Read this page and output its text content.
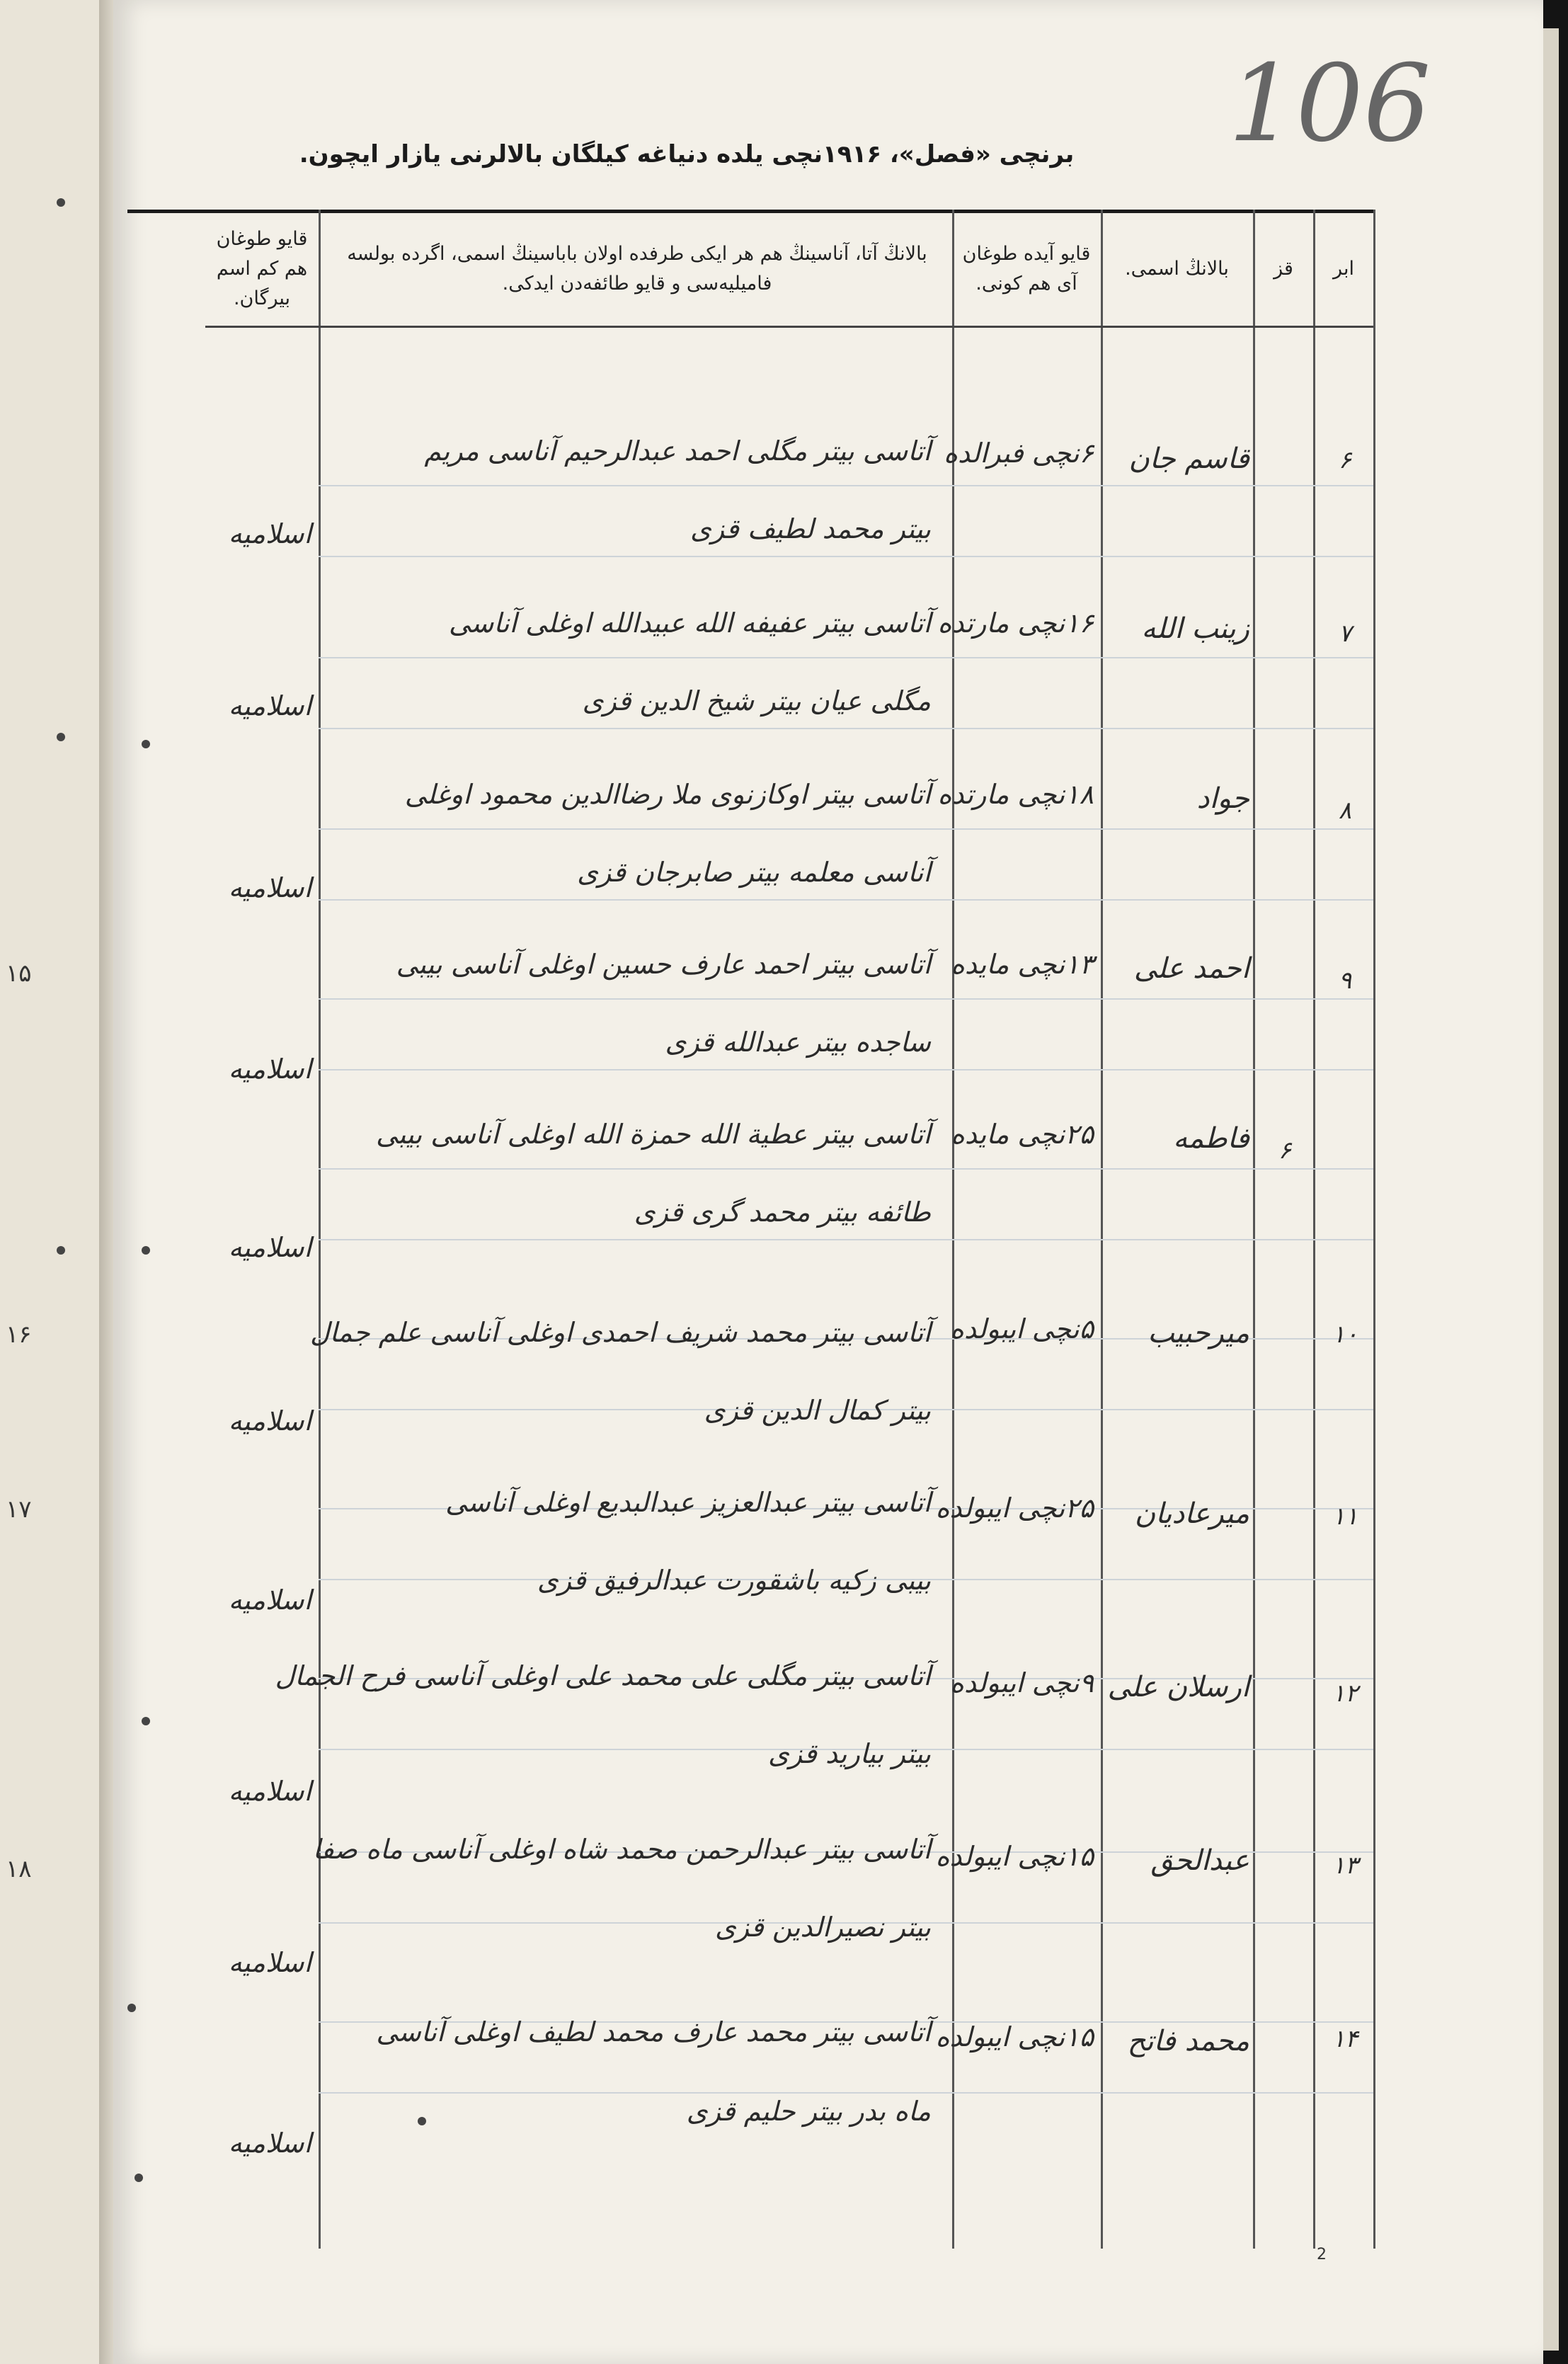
۱۵
۱۶
۱۷
۱۸
106
برنچی «فصل»، ۱۹۱۶نچی یلده دنیاغه کیلگان بالالرنی یازار ایچون.
ابر
قز
بالانڭ اسمی.
قایو آیده طوغان آی هم کونی.
بالانڭ آتا، آناسینڭ هم هر ایکی طرفده اولان باباسینڭ اسمی، اگرده بولسه فامیلیه‌سی و قایو طائفه‌دن ایدکی.
قایو طوغان هم کم اسم بیرگان.
۶
قاسم جان
۶نچی فبرالده
آتاسی بیتر مگلی احمد عبدالرحیم آناسی مریم
بیتر محمد لطیف قزی
اسلامیه
۷
زینب الله
۱۶نچی مارتده
آتاسی بیتر عفیفه الله عبیدالله اوغلی آناسی
مگلی عیان بیتر شیخ الدین قزی
اسلامیه
۸
جواد
۱۸نچی مارتده
آتاسی بیتر اوکازنوی ملا رضاالدین محمود اوغلی
آناسی معلمه بیتر صابرجان قزی
اسلامیه
۹
احمد علی
۱۳نچی مایده
آتاسی بیتر احمد عارف حسین اوغلی آناسی بیبی
ساجده بیتر عبدالله قزی
اسلامیه
۶
فاطمه
۲۵نچی مایده
آتاسی بیتر عطیة الله حمزة الله اوغلی آناسی بیبی
طائفه بیتر محمد گری قزی
اسلامیه
۱۰
میرحبیب
۵نچی ایبولده
آتاسی بیتر محمد شریف احمدی اوغلی آناسی علم جمال
بیتر کمال الدین قزی
اسلامیه
۱۱
میرعادیان
۲۵نچی ایبولده
آتاسی بیتر عبدالعزیز عبدالبدیع اوغلی آناسی
بیبی زکیه باشقورت عبدالرفیق قزی
اسلامیه
۱۲
ارسلان علی
۹نچی ایبولده
آتاسی بیتر مگلی علی محمد علی اوغلی آناسی فرح الجمال
بیتر بیارید قزی
اسلامیه
۱۳
عبدالحق
۱۵نچی ایبولده
آتاسی بیتر عبدالرحمن محمد شاه اوغلی آناسی ماه صفا
بیتر نصیرالدین قزی
اسلامیه
۱۴
محمد فاتح
۱۵نچی ایبولده
آتاسی بیتر محمد عارف محمد لطیف اوغلی آناسی
ماه بدر بیتر حلیم قزی
اسلامیه
2
